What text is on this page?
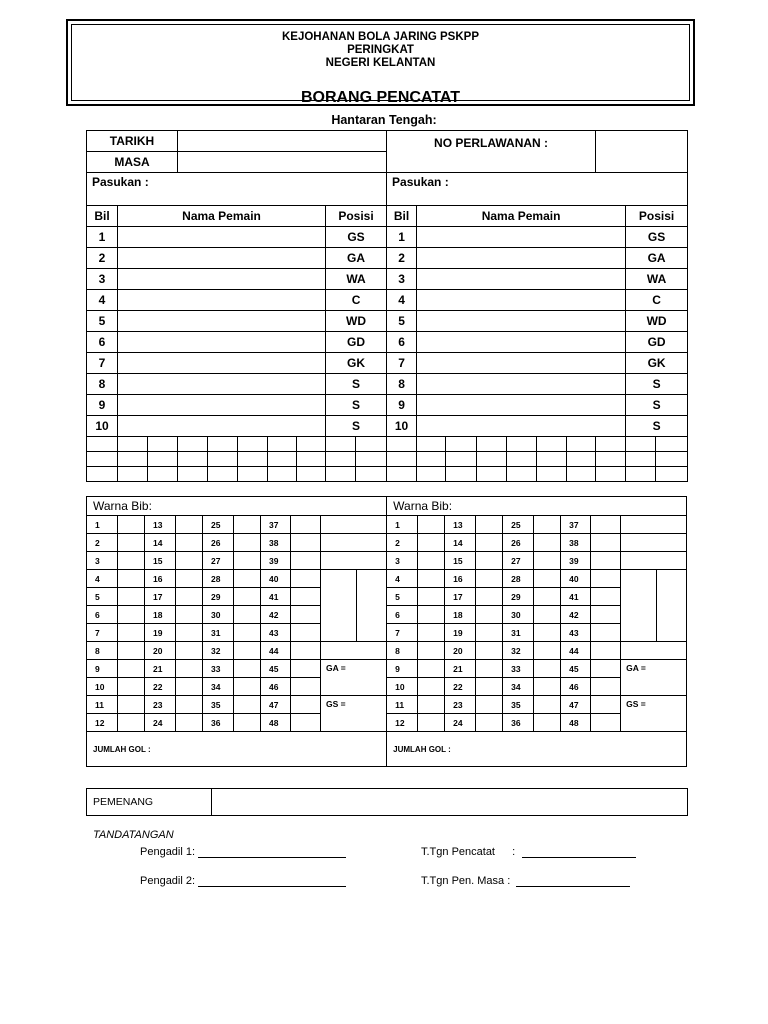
KEJOHANAN BOLA JARING PSKPP
PERINGKAT
NEGERI KELANTAN
BORANG PENCATAT
Hantaran Tengah:
TARIKH										NO PERLAWANAN :									
MASA																			
Pasukan :										Pasukan :									
Bil	Nama Pemain							Posisi		Bil	Nama Pemain							Posisi	
1								GS		1								GS	
2								GA		2								GA	
3								WA		3								WA	
4								C		4								C	
5								WD		5								WD	
6								GD		6								GD	
7								GK		7								GK	
8								S		8								S	
9								S		9								S	
10								S		10								S	

Warna Bib:										Warna Bib:									
1		13		25		37				1		13		25		37			
2		14		26		38				2		14		26		38			
3		15		27		39				3		15		27		39			
4		16		28		40				4		16		28		40			
5		17		29		41				5		17		29		41			
6		18		30		42				6		18		30		42			
7		19		31		43				7		19		31		43			
8		20		32		44				8		20		32		44			
9		21		33		45		GA =		9		21		33		45		GA =	
10		22		34		46				10		22		34		46			
11		23		35		47		GS =		11		23		35		47		GS =	
12		24		36		48				12		24		36		48			
JUMLAH GOL :										JUMLAH GOL :									
PEMENANG	
TANDATANGAN
Pengadil 1:
Pengadil 2:
T.Tgn Pencatat :
T.Tgn Pen. Masa :
